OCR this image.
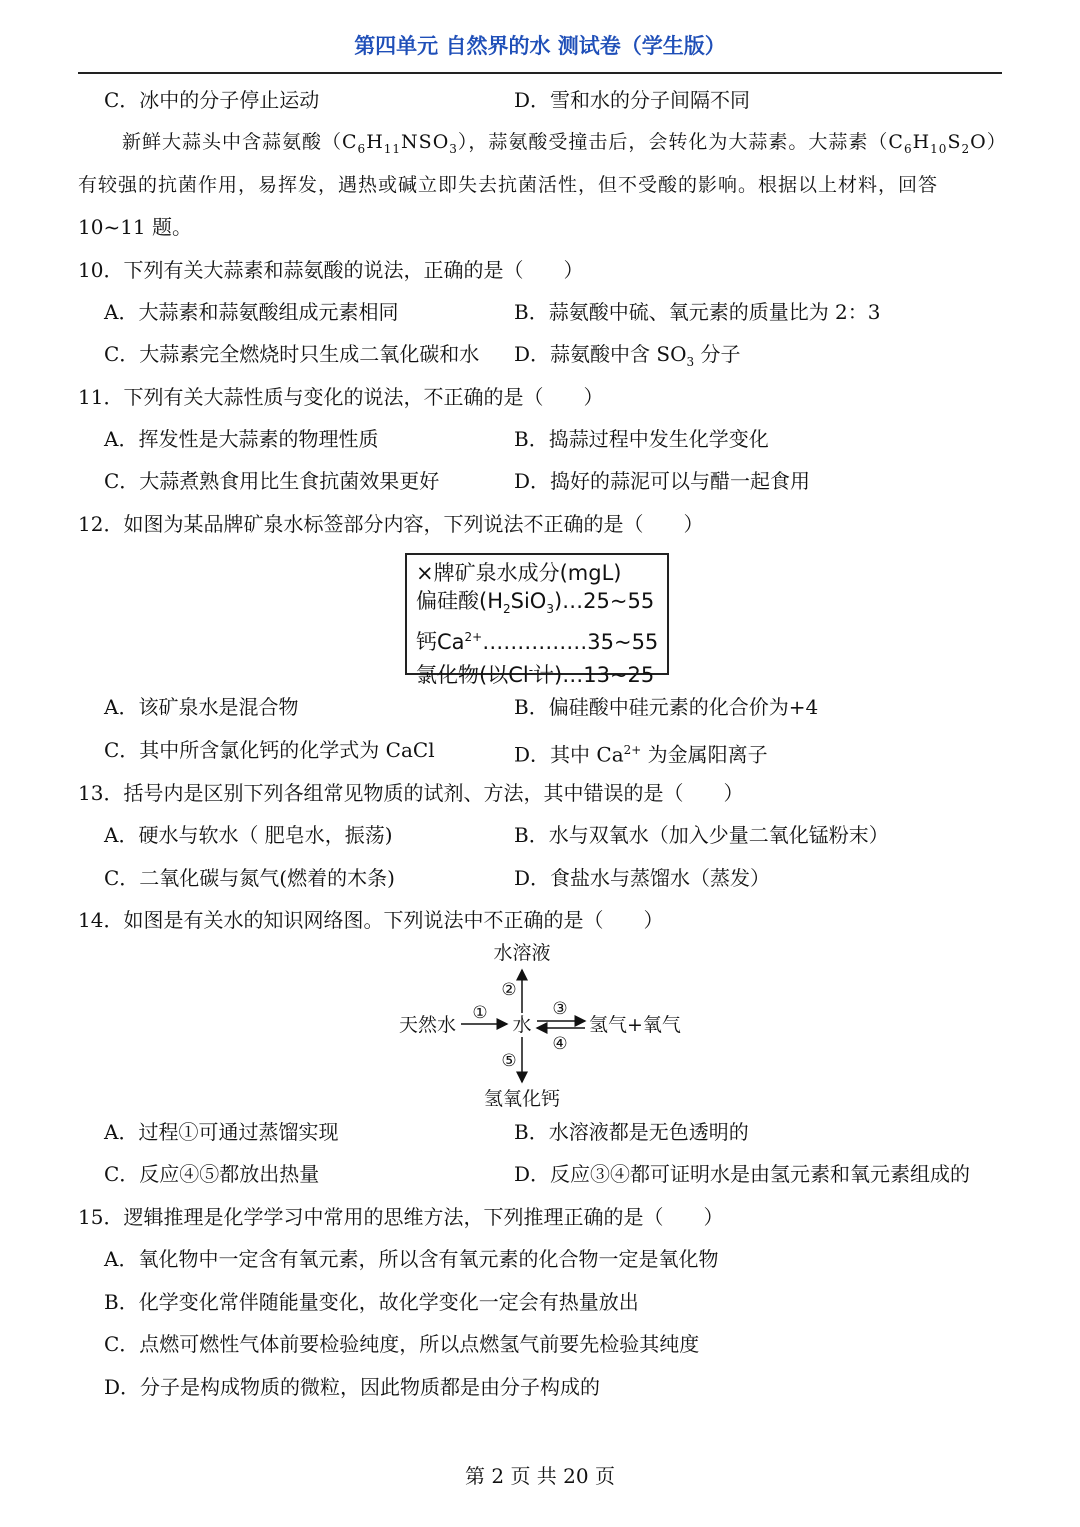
第四单元 自然界的水 测试卷（学生版）
C．冰中的分子停止运动	D．雪和水的分子间隔不同
新鲜大蒜头中含蒜氨酸$(C_6H_{11}NSO_3)$，蒜氨酸受撞击后，会转化为大蒜素。大蒜素$(C_6H_{10}S_2O)$
有较强的抗菌作用，易挥发，遇热或碱立即失去抗菌活性，但不受酸的影响。根据以上材料，回答
10~11 题。
10．下列有关大蒜素和蒜氨酸的说法，正确的是（　　）
A．大蒜素和蒜氨酸组成元素相同	B．蒜氨酸中硫、氧元素的质量比为 2：3
C．大蒜素完全燃烧时只生成二氧化碳和水 D．蒜氨酸中含 $SO_3$ 分子
11．下列有关大蒜性质与变化的说法，不正确的是（　　）
A．挥发性是大蒜素的物理性质	B．捣蒜过程中发生化学变化
C．大蒜煮熟食用比生食抗菌效果更好	D．捣好的蒜泥可以与醋一起食用
12．如图为某品牌矿泉水标签部分内容，下列说法不正确的是（　　）
×牌矿泉水成分(mgL)
偏硅酸$(H_2SiO_3)\dots 25\sim 55$
钙$Ca^{2+}\dots\dots\dots\dots\dots 35\sim 55$
氯化物(以Cl-计)…13~25
A．该矿泉水是混合物	B．偏硅酸中硅元素的化合价为+4
C．其中所含氯化钙的化学式为 CaCl	D．其中 $Ca^{2+}$ 为金属阳离子
13．括号内是区别下列各组常见物质的试剂、方法，其中错误的是（　　）
A．硬水与软水（ 肥皂水，振荡)	B．水与双氧水（加入少量二氧化锰粉末）
C．二氧化碳与氮气(燃着的木条)	D．食盐水与蒸馏水（蒸发）
14．如图是有关水的知识网络图。下列说法中不正确的是（　　）
水溶液
天然水	水	氢气+氧气
氢氧化钙
①
②
③
④
⑤
A．过程①可通过蒸馏实现	B．水溶液都是无色透明的
C．反应④⑤都放出热量	D．反应③④都可证明水是由氢元素和氧元素组成的
15．逻辑推理是化学学习中常用的思维方法，下列推理正确的是（　　）
A．氧化物中一定含有氧元素，所以含有氧元素的化合物一定是氧化物
B．化学变化常伴随能量变化，故化学变化一定会有热量放出
C．点燃可燃性气体前要检验纯度，所以点燃氢气前要先检验其纯度
D．分子是构成物质的微粒，因此物质都是由分子构成的
第 2 页 共 20 页
